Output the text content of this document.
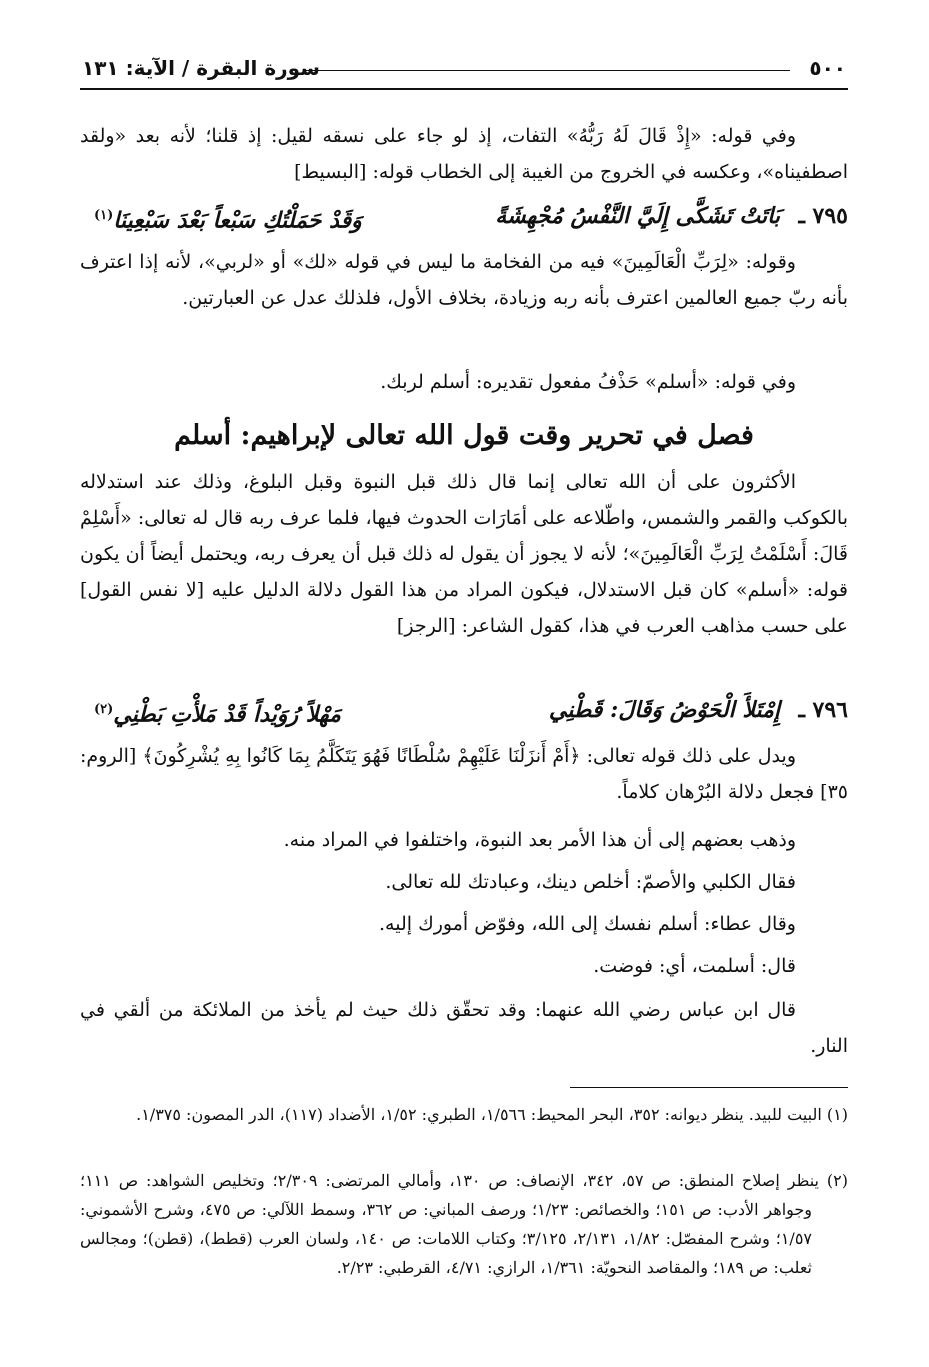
٥٠٠
سورة البقرة / الآية: ١٣١

وفي قوله: «إِذْ قَالَ لَهُ رَبُّهُ» التفات، إذ لو جاء على نسقه لقيل: إذ قلنا؛ لأنه بعد «ولقد اصطفيناه»، وعكسه في الخروج من الغيبة إلى الخطاب قوله: [البسيط]

٧٩٥ ـ
بَاتَتْ تَشَكَّى إِلَيَّ النَّفْسُ مُجْهِشَةً
وَقَدْ حَمَلْتُكِ سَبْعاً بَعْدَ سَبْعِينَا$^{(١)}$

وقوله: «لِرَبِّ الْعَالَمِينَ» فيه من الفخامة ما ليس في قوله «لك» أو «لربي»، لأنه إذا اعترف بأنه ربّ جميع العالمين اعترف بأنه ربه وزيادة، بخلاف الأول، فلذلك عدل عن العبارتين.

وفي قوله: «أسلم» حَذْفُ مفعول تقديره: أسلم لربك.

فصل في تحرير وقت قول الله تعالى لإبراهيم: أسلم

الأكثرون على أن الله تعالى إنما قال ذلك قبل النبوة وقبل البلوغ، وذلك عند استدلاله بالكوكب والقمر والشمس، واطّلاعه على أمَارَات الحدوث فيها، فلما عرف ربه قال له تعالى: «أَسْلِمْ قَالَ: أَسْلَمْتُ لِرَبِّ الْعَالَمِينَ»؛ لأنه لا يجوز أن يقول له ذلك قبل أن يعرف ربه، ويحتمل أيضاً أن يكون قوله: «أسلم» كان قبل الاستدلال، فيكون المراد من هذا القول دلالة الدليل عليه [لا نفس القول] على حسب مذاهب العرب في هذا، كقول الشاعر: [الرجز]

٧٩٦ ـ
إِمْتَلأَ الْحَوْضُ وَقَالَ: قَطْنِي
مَهْلاً رُوَيْداً قَدْ مَلأْتِ بَطْنِي$^{(٢)}$

ويدل على ذلك قوله تعالى: ﴿أَمْ أَنزَلْنَا عَلَيْهِمْ سُلْطَانًا فَهُوَ يَتَكَلَّمُ بِمَا كَانُوا بِهِ يُشْرِكُونَ﴾ [الروم: ٣٥] فجعل دلالة البُرْهان كلاماً.

وذهب بعضهم إلى أن هذا الأمر بعد النبوة، واختلفوا في المراد منه.

فقال الكلبي والأصمّ: أخلص دينك، وعبادتك لله تعالى.

وقال عطاء: أسلم نفسك إلى الله، وفوّض أمورك إليه.

قال: أسلمت، أي: فوضت.

قال ابن عباس رضي الله عنهما: وقد تحقّق ذلك حيث لم يأخذ من الملائكة من ألقي في النار.

(١) البيت للبيد. ينظر ديوانه: ٣٥٢، البحر المحيط: ١/٥٦٦، الطبري: ١/٥٢، الأضداد (١١٧)، الدر المصون: ١/٣٧٥.

(٢) ينظر إصلاح المنطق: ص ٥٧، ٣٤٢، الإنصاف: ص ١٣٠، وأمالي المرتضى: ٢/٣٠٩؛ وتخليص الشواهد: ص ١١١؛ وجواهر الأدب: ص ١٥١؛ والخصائص: ١/٢٣؛ ورصف المباني: ص ٣٦٢، وسمط اللآلي: ص ٤٧٥، وشرح الأشموني: ١/٥٧؛ وشرح المفصّل: ١/٨٢، ٢/١٣١، ٣/١٢٥؛ وكتاب اللامات: ص ١٤٠، ولسان العرب (قطط)، (قطن)؛ ومجالس ثعلب: ص ١٨٩؛ والمقاصد النحويّة: ١/٣٦١، الرازي: ٤/٧١، القرطبي: ٢/٢٣.
